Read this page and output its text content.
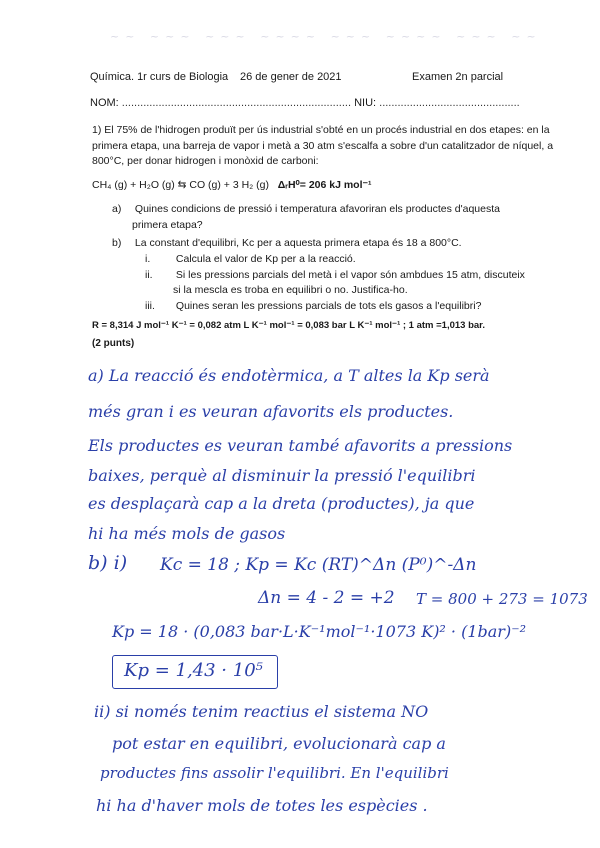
~~ ~~~ ~~~ ~~~~ ~~~ ~~~~ ~~~ ~~
Química. 1r curs de Biologia 26 de gener de 2021	Examen 2n parcial
NOM: ........................................................................... NIU: ..............................................
1) El 75% de l'hidrogen produït per ús industrial s'obté en un procés industrial en dos etapes: en la primera etapa, una barreja de vapor i metà a 30 atm s'escalfa a sobre d'un catalitzador de níquel, a 800°C, per donar hidrogen i monòxid de carboni:
CH₄ (g) + H₂O (g) ⇆ CO (g) + 3 H₂ (g) ΔᵣH⁰= 206 kJ mol⁻¹
a) Quines condicions de pressió i temperatura afavoriran els productes d'aquesta
primera etapa?
b) La constant d'equilibri, Kc per a aquesta primera etapa és 18 a 800°C.
i. Calcula el valor de Kp per a la reacció.
ii. Si les pressions parcials del metà i el vapor són ambdues 15 atm, discuteix
si la mescla es troba en equilibri o no. Justifica-ho.
iii. Quines seran les pressions parcials de tots els gasos a l'equilibri?
R = 8,314 J mol⁻¹ K⁻¹ = 0,082 atm L K⁻¹ mol⁻¹ = 0,083 bar L K⁻¹ mol⁻¹ ; 1 atm =1,013 bar.
(2 punts)
a) La reacció és endotèrmica, a T altes la Kp serà
més gran i es veuran afavorits els productes.
Els productes es veuran també afavorits a pressions
baixes, perquè al disminuir la pressió l'equilibri
es desplaçarà cap a la dreta (productes), ja que
hi ha més mols de gasos
b) i) Kc = 18 ; Kp = Kc (RT)^Δn (P⁰)^-Δn
Δn = 4 - 2 = +2 T = 800 + 273 = 1073
Kp = 18 · (0,083 bar·L·K⁻¹mol⁻¹·1073 K)² · (1bar)⁻²
Kp = 1,43 · 10⁵
ii) si només tenim reactius el sistema NO
pot estar en equilibri, evolucionarà cap a
productes fins assolir l'equilibri. En l'equilibri
hi ha d'haver mols de totes les espècies .
